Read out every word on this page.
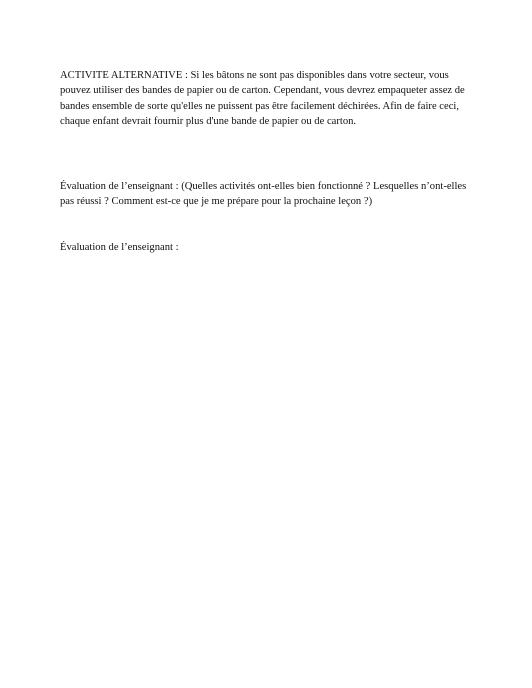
ACTIVITE ALTERNATIVE : Si les bâtons ne sont pas disponibles dans votre secteur, vous
pouvez utiliser des bandes de papier ou de carton. Cependant, vous devrez empaqueter assez de
bandes ensemble de sorte qu'elles ne puissent pas être facilement déchirées. Afin de faire ceci,
chaque enfant devrait fournir plus d'une bande de papier ou de carton.

Évaluation de l’enseignant : (Quelles activités ont-elles bien fonctionné ? Lesquelles n’ont-elles
pas réussi ? Comment est-ce que je me prépare pour la prochaine leçon ?)

Évaluation de l’enseignant :
